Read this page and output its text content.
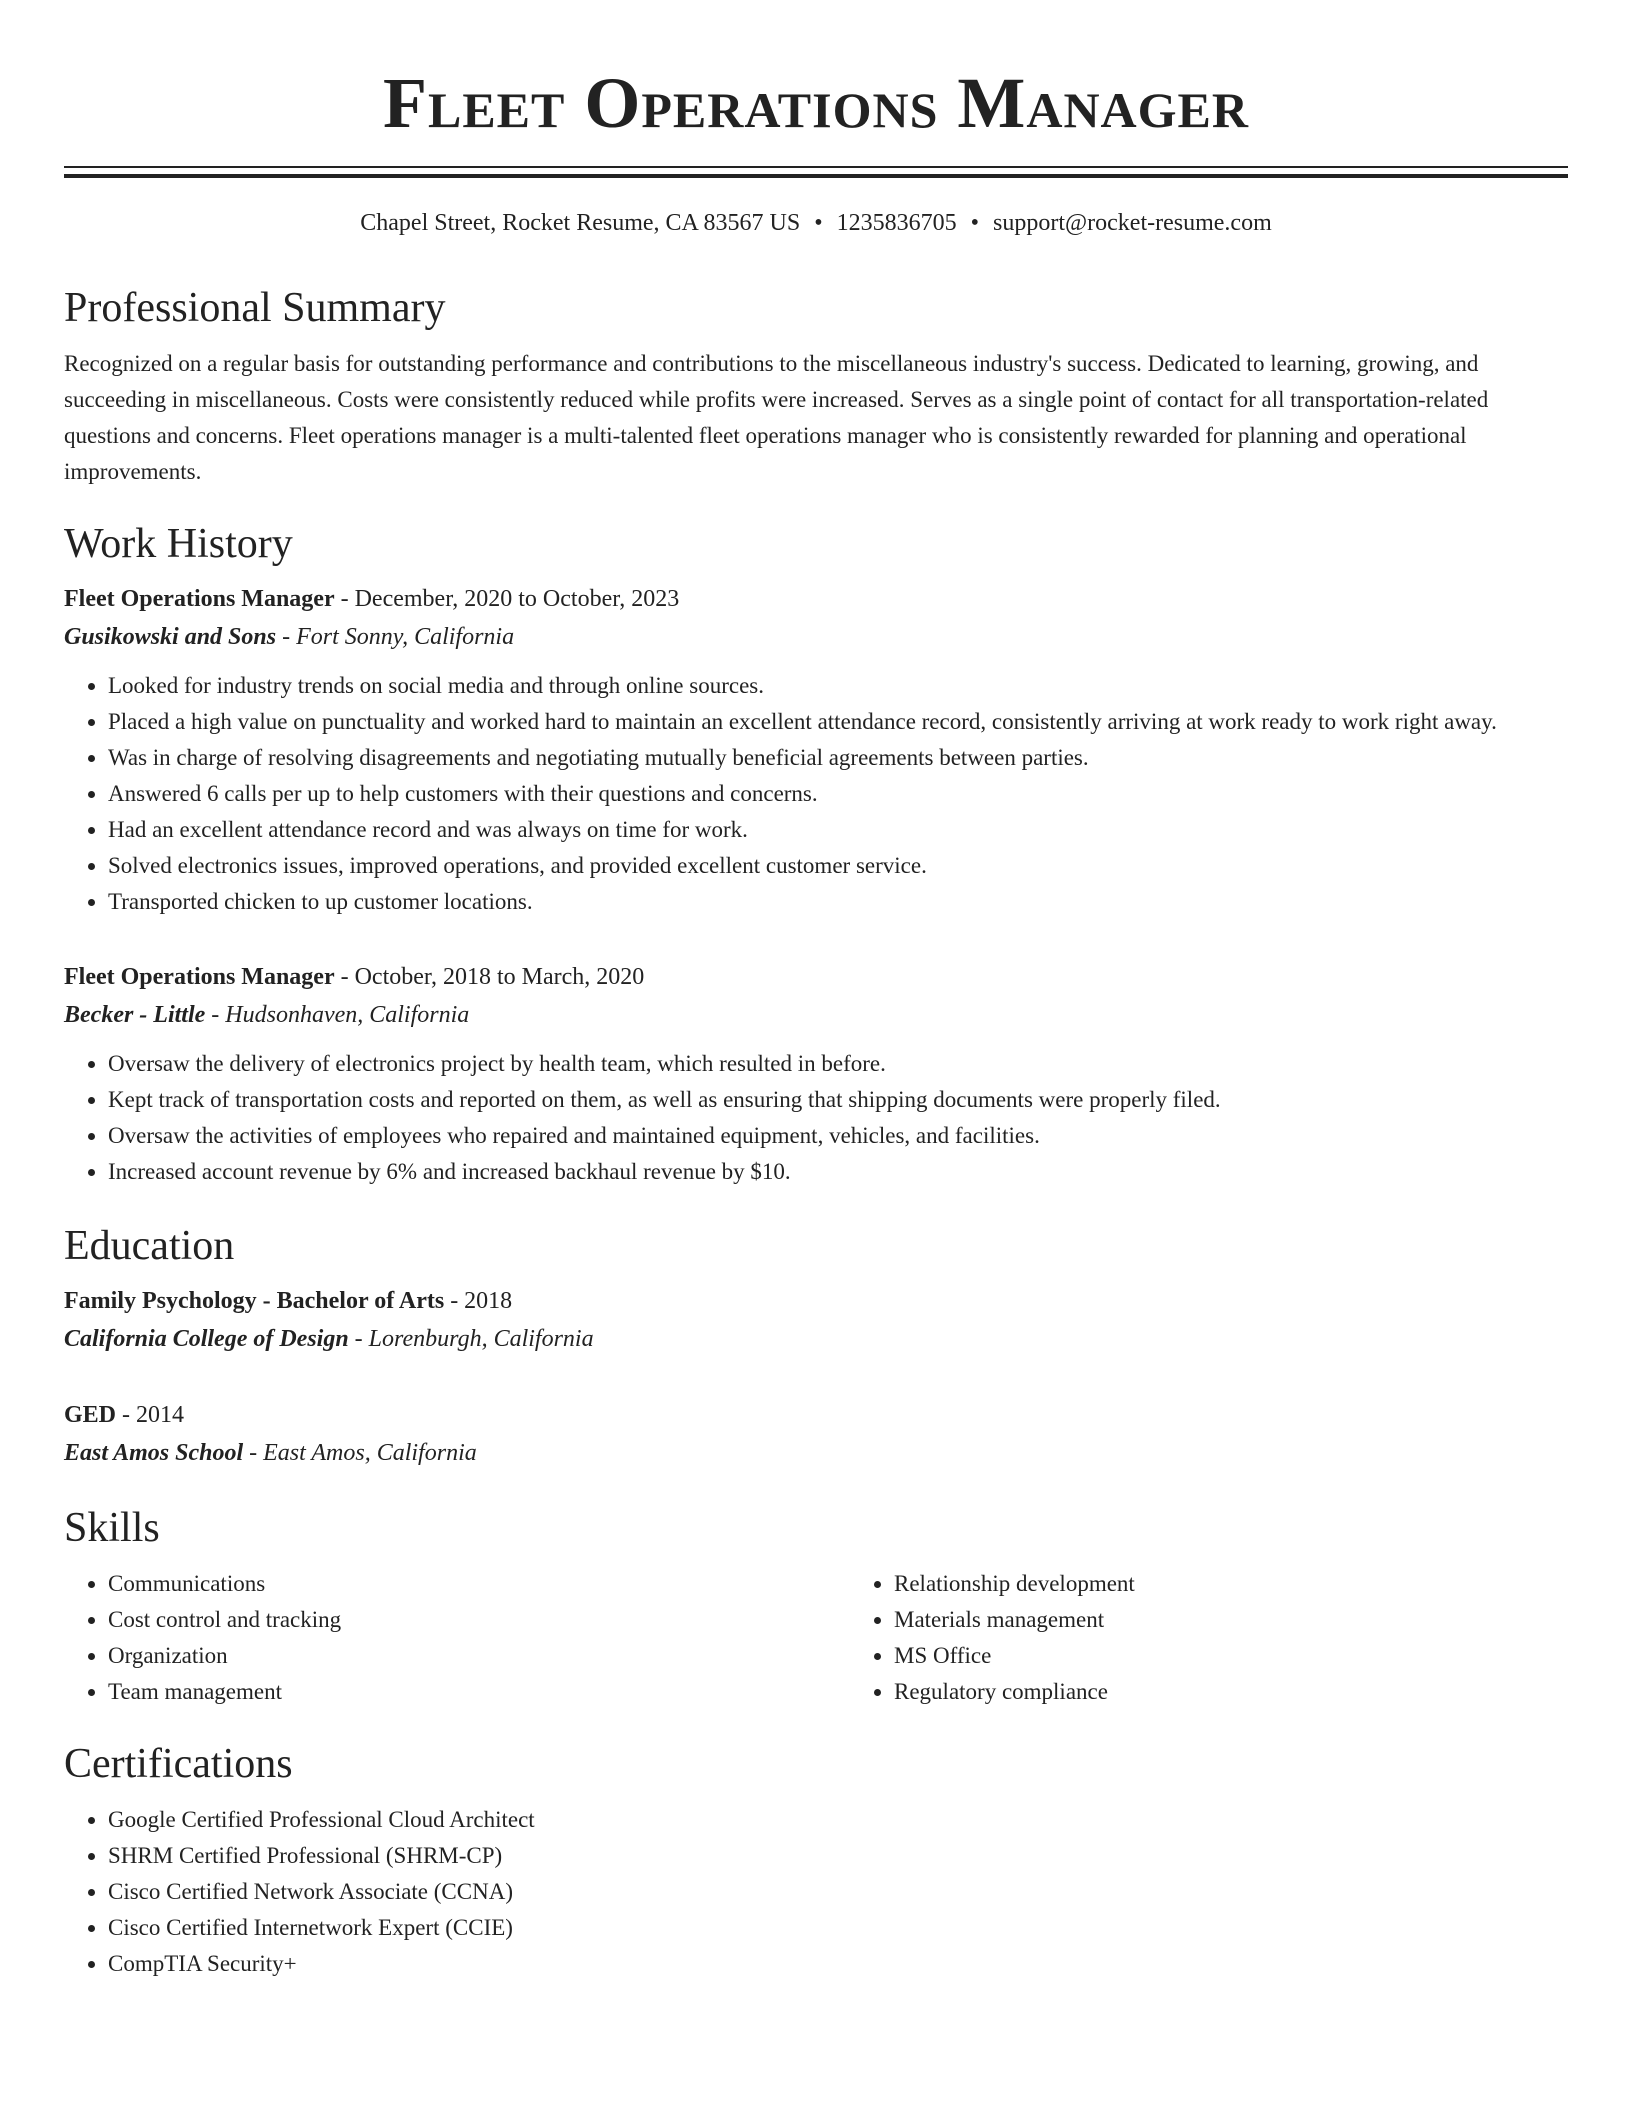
Fleet Operations Manager
Chapel Street, Rocket Resume, CA 83567 US • 1235836705 • support@rocket-resume.com
Professional Summary
Recognized on a regular basis for outstanding performance and contributions to the miscellaneous industry's success. Dedicated to learning, growing, and succeeding in miscellaneous. Costs were consistently reduced while profits were increased. Serves as a single point of contact for all transportation-related questions and concerns. Fleet operations manager is a multi-talented fleet operations manager who is consistently rewarded for planning and operational improvements.
Work History
Fleet Operations Manager - December, 2020 to October, 2023
Gusikowski and Sons - Fort Sonny, California
• Looked for industry trends on social media and through online sources.
• Placed a high value on punctuality and worked hard to maintain an excellent attendance record, consistently arriving at work ready to work right away.
• Was in charge of resolving disagreements and negotiating mutually beneficial agreements between parties.
• Answered 6 calls per up to help customers with their questions and concerns.
• Had an excellent attendance record and was always on time for work.
• Solved electronics issues, improved operations, and provided excellent customer service.
• Transported chicken to up customer locations.
Fleet Operations Manager - October, 2018 to March, 2020
Becker - Little - Hudsonhaven, California
• Oversaw the delivery of electronics project by health team, which resulted in before.
• Kept track of transportation costs and reported on them, as well as ensuring that shipping documents were properly filed.
• Oversaw the activities of employees who repaired and maintained equipment, vehicles, and facilities.
• Increased account revenue by 6% and increased backhaul revenue by $10.
Education
Family Psychology - Bachelor of Arts - 2018
California College of Design - Lorenburgh, California
GED - 2014
East Amos School - East Amos, California
Skills
• Communications
• Cost control and tracking
• Organization
• Team management
• Relationship development
• Materials management
• MS Office
• Regulatory compliance
Certifications
• Google Certified Professional Cloud Architect
• SHRM Certified Professional (SHRM-CP)
• Cisco Certified Network Associate (CCNA)
• Cisco Certified Internetwork Expert (CCIE)
• CompTIA Security+
